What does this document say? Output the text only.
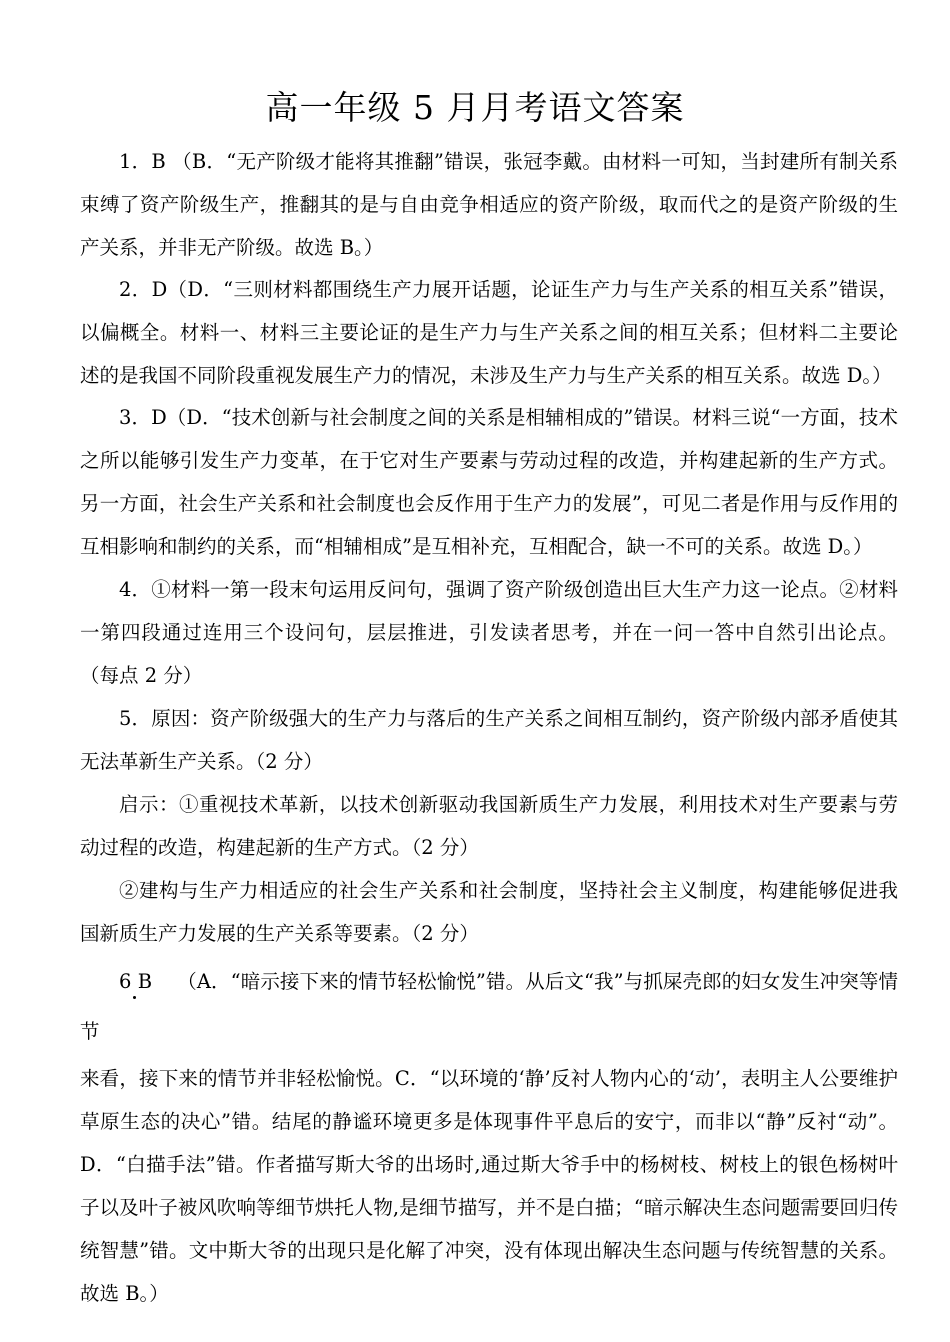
高一年级 5 月月考语文答案

1．B （B．“无产阶级才能将其推翻”错误，张冠李戴。由材料一可知，当封建所有制关系束缚了资产阶级生产，推翻其的是与自由竞争相适应的资产阶级，取而代之的是资产阶级的生产关系，并非无产阶级。故选 B。）

2．D（D．“三则材料都围绕生产力展开话题，论证生产力与生产关系的相互关系”错误，以偏概全。材料一、材料三主要论证的是生产力与生产关系之间的相互关系；但材料二主要论述的是我国不同阶段重视发展生产力的情况，未涉及生产力与生产关系的相互关系。故选 D。）

3．D（D．“技术创新与社会制度之间的关系是相辅相成的”错误。材料三说“一方面，技术之所以能够引发生产力变革，在于它对生产要素与劳动过程的改造，并构建起新的生产方式。另一方面，社会生产关系和社会制度也会反作用于生产力的发展”，可见二者是作用与反作用的互相影响和制约的关系，而“相辅相成”是互相补充，互相配合，缺一不可的关系。故选 D。）

4．①材料一第一段末句运用反问句，强调了资产阶级创造出巨大生产力这一论点。②材料一第四段通过连用三个设问句，层层推进，引发读者思考，并在一问一答中自然引出论点。 （每点 2 分）

5．原因：资产阶级强大的生产力与落后的生产关系之间相互制约，资产阶级内部矛盾使其无法革新生产关系。（2 分）

启示：①重视技术革新，以技术创新驱动我国新质生产力发展，利用技术对生产要素与劳动过程的改造，构建起新的生产方式。（2 分）

②建构与生产力相适应的社会生产关系和社会制度，坚持社会主义制度，构建能够促进我国新质生产力发展的生产关系等要素。（2 分）

6 B （A．“暗示接下来的情节轻松愉悦”错。从后文“我”与抓屎壳郎的妇女发生冲突等情节
来看，接下来的情节并非轻松愉悦。C．“以环境的‘静’反衬人物内心的‘动’，表明主人公要维护草原生态的决心”错。结尾的静谧环境更多是体现事件平息后的安宁，而非以“静”反衬“动”。D．“白描手法”错。作者描写斯大爷的出场时,通过斯大爷手中的杨树枝、树枝上的银色杨树叶子以及叶子被风吹响等细节烘托人物,是细节描写，并不是白描；“暗示解决生态问题需要回归传统智慧”错。文中斯大爷的出现只是化解了冲突，没有体现出解决生态问题与传统智慧的关系。故选 B。）
